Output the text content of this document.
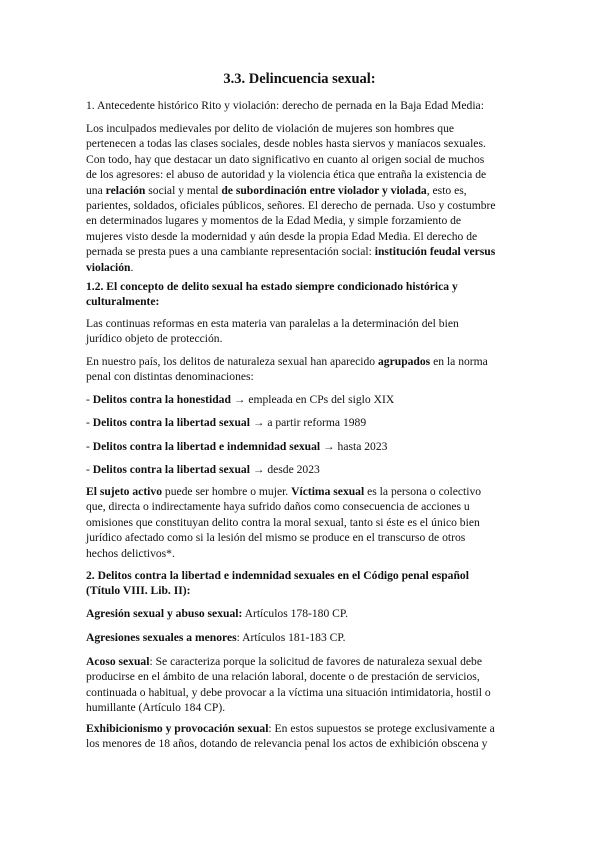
3.3. Delincuencia sexual:

1. Antecedente histórico Rito y violación: derecho de pernada en la Baja Edad Media:

Los inculpados medievales por delito de violación de mujeres son hombres que
pertenecen a todas las clases sociales, desde nobles hasta siervos y maníacos sexuales.
Con todo, hay que destacar un dato significativo en cuanto al origen social de muchos
de los agresores: el abuso de autoridad y la violencia ética que entraña la existencia de
una relación social y mental de subordinación entre violador y violada, esto es,
parientes, soldados, oficiales públicos, señores. El derecho de pernada. Uso y costumbre
en determinados lugares y momentos de la Edad Media, y simple forzamiento de
mujeres visto desde la modernidad y aún desde la propia Edad Media. El derecho de
pernada se presta pues a una cambiante representación social: institución feudal versus
violación.

1.2. El concepto de delito sexual ha estado siempre condicionado histórica y
culturalmente:

Las continuas reformas en esta materia van paralelas a la determinación del bien
jurídico objeto de protección.

En nuestro país, los delitos de naturaleza sexual han aparecido agrupados en la norma
penal con distintas denominaciones:

- Delitos contra la honestidad → empleada en CPs del siglo XIX
- Delitos contra la libertad sexual → a partir reforma 1989
- Delitos contra la libertad e indemnidad sexual → hasta 2023
- Delitos contra la libertad sexual → desde 2023

El sujeto activo puede ser hombre o mujer. Víctima sexual es la persona o colectivo
que, directa o indirectamente haya sufrido daños como consecuencia de acciones u
omisiones que constituyan delito contra la moral sexual, tanto si éste es el único bien
jurídico afectado como si la lesión del mismo se produce en el transcurso de otros
hechos delictivos*.

2. Delitos contra la libertad e indemnidad sexuales en el Código penal español
(Título VIII. Lib. II):

Agresión sexual y abuso sexual: Artículos 178-180 CP.

Agresiones sexuales a menores: Artículos 181-183 CP.

Acoso sexual: Se caracteriza porque la solicitud de favores de naturaleza sexual debe
producirse en el ámbito de una relación laboral, docente o de prestación de servicios,
continuada o habitual, y debe provocar a la víctima una situación intimidatoria, hostil o
humillante (Artículo 184 CP).

Exhibicionismo y provocación sexual: En estos supuestos se protege exclusivamente a
los menores de 18 años, dotando de relevancia penal los actos de exhibición obscena y
